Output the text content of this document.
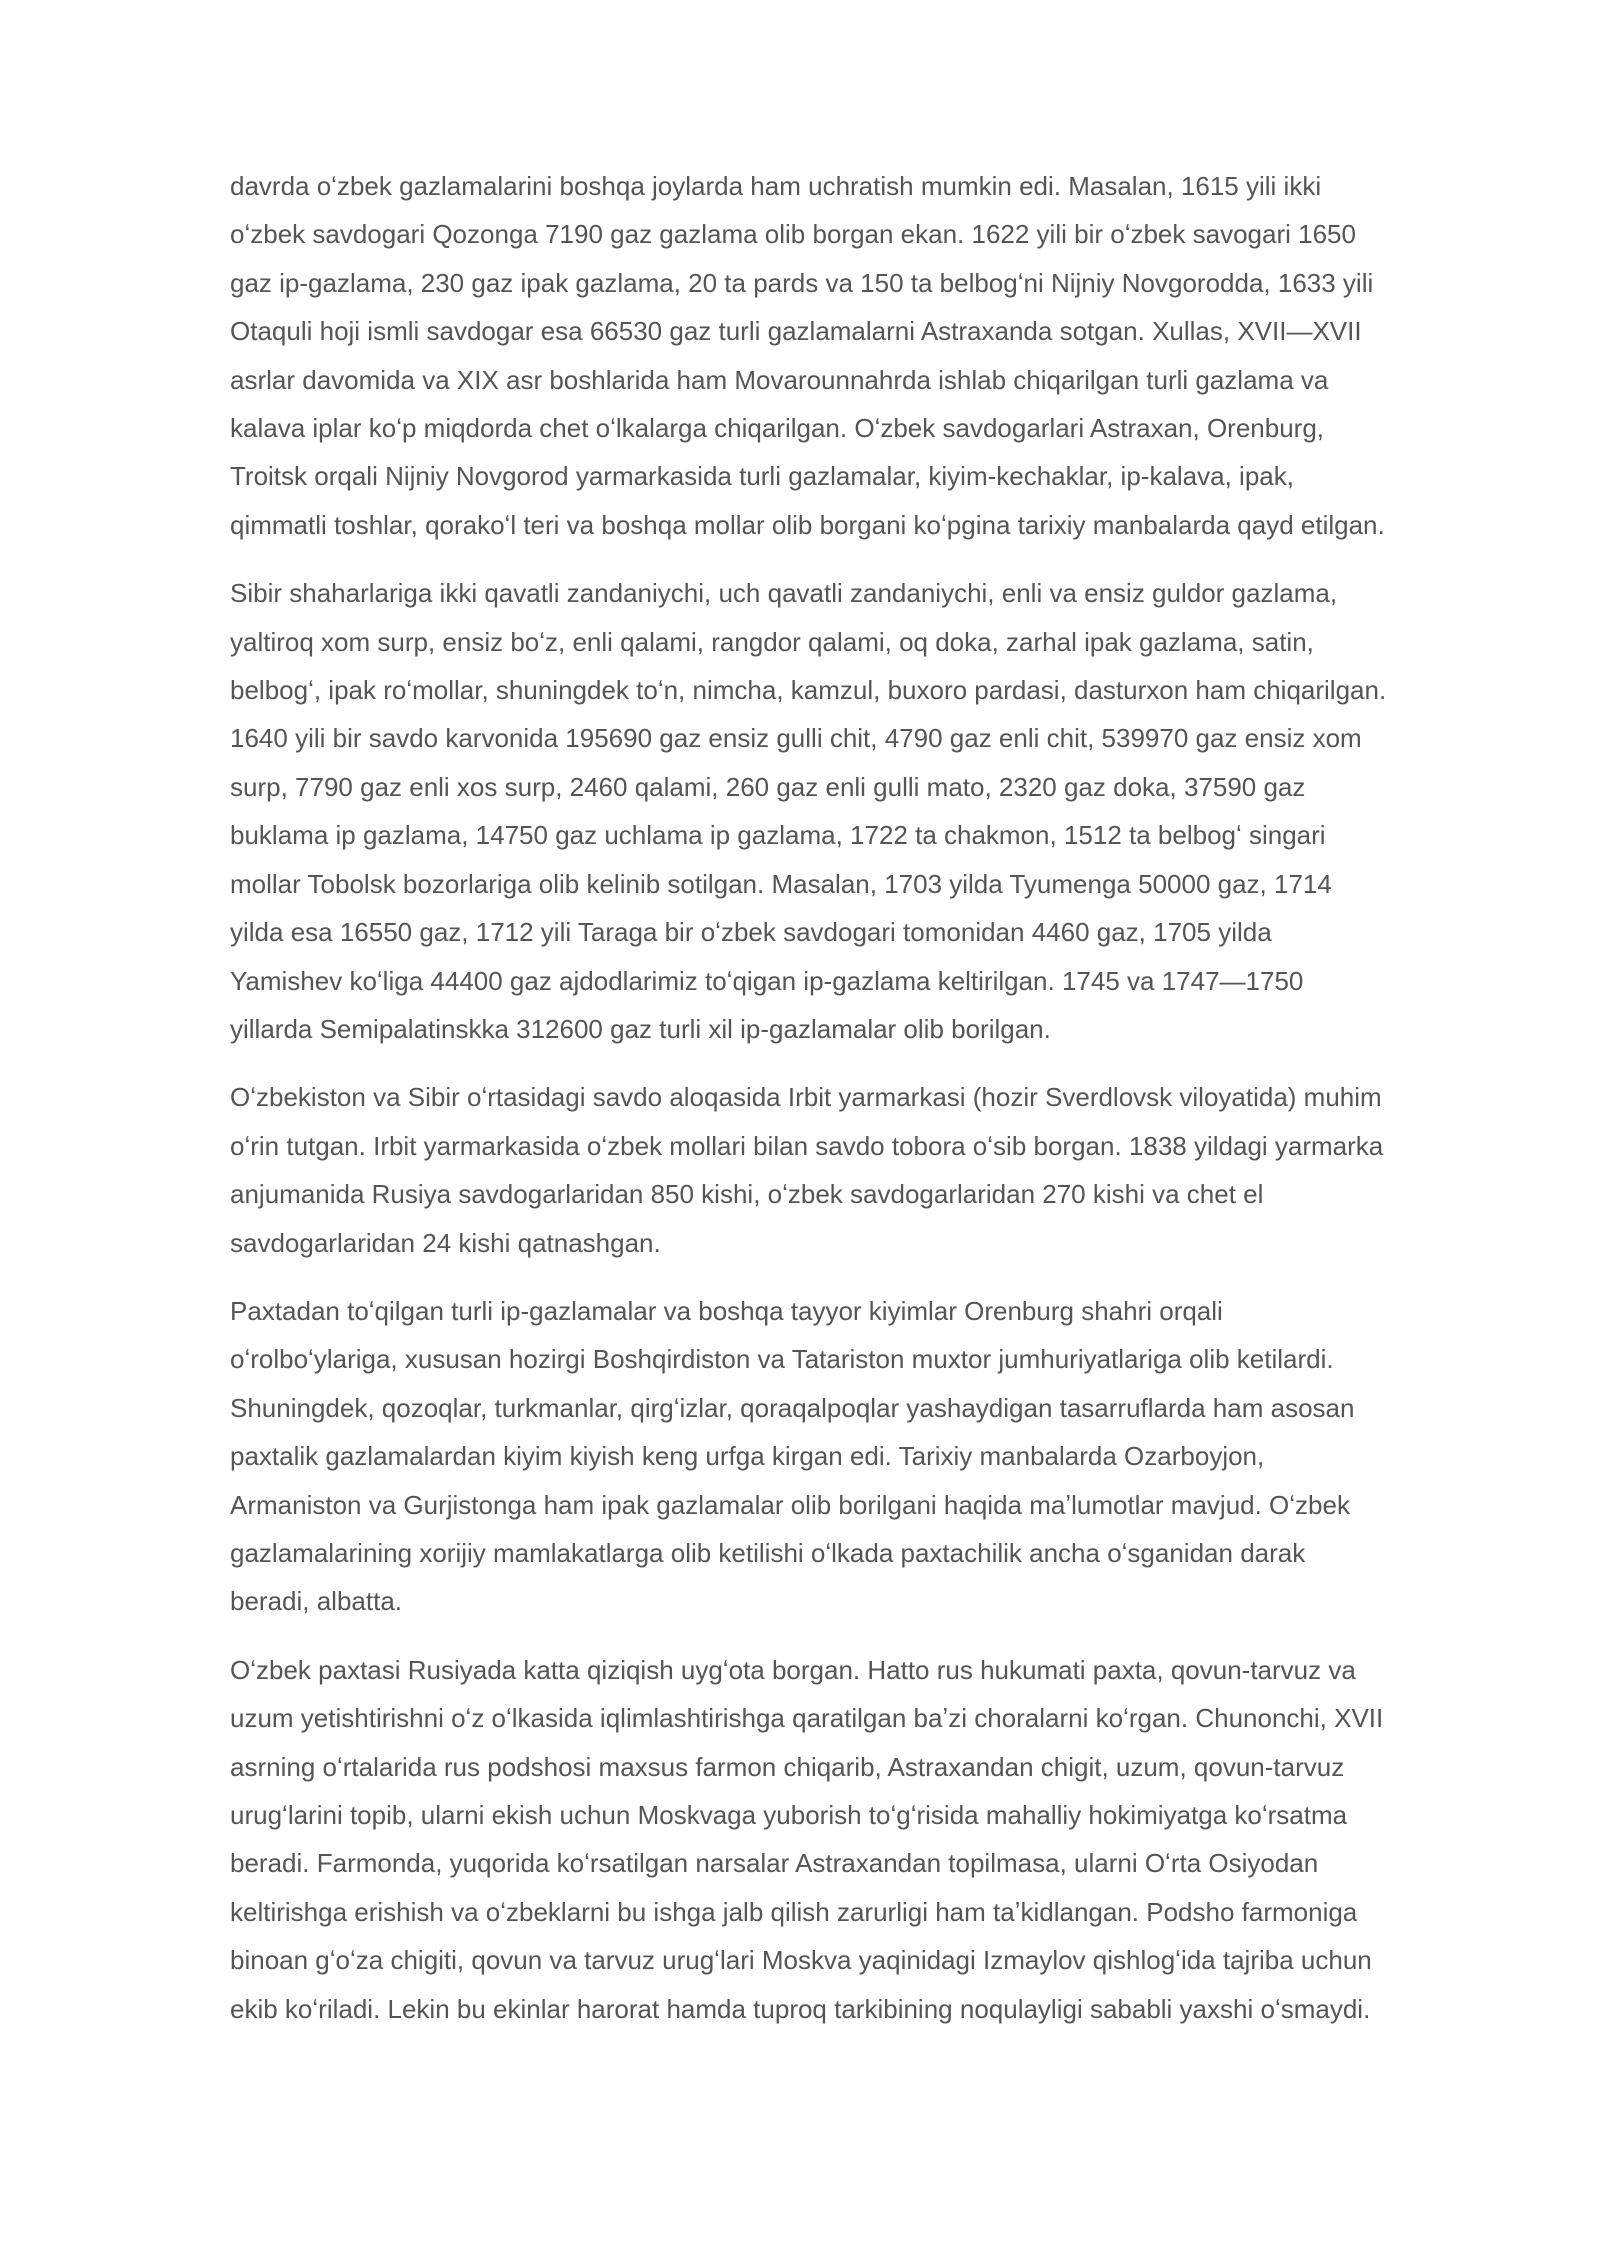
davrda oʻzbek gazlamalarini boshqa joylarda ham uchratish mumkin edi. Masalan, 1615 yili ikki
oʻzbek savdogari Qozonga 7190 gaz gazlama olib borgan ekan. 1622 yili bir oʻzbek savogari 1650
gaz ip-gazlama, 230 gaz ipak gazlama, 20 ta pards va 150 ta belbogʻni Nijniy Novgorodda, 1633 yili
Otaquli hoji ismli savdogar esa 66530 gaz turli gazlamalarni Astraxanda sotgan. Xullas, XVII—XVII
asrlar davomida va XIX asr boshlarida ham Movarounnahrda ishlab chiqarilgan turli gazlama va
kalava iplar koʻp miqdorda chet oʻlkalarga chiqarilgan. Oʻzbek savdogarlari Astraxan, Orenburg,
Troitsk orqali Nijniy Novgorod yarmarkasida turli gazlamalar, kiyim-kechaklar, ip-kalava, ipak,
qimmatli toshlar, qorakoʻl teri va boshqa mollar olib borgani koʻpgina tarixiy manbalarda qayd etilgan.

Sibir shaharlariga ikki qavatli zandaniychi, uch qavatli zandaniychi, enli va ensiz guldor gazlama,
yaltiroq xom surp, ensiz boʻz, enli qalami, rangdor qalami, oq doka, zarhal ipak gazlama, satin,
belbogʻ, ipak roʻmollar, shuningdek toʻn, nimcha, kamzul, buxoro pardasi, dasturxon ham chiqarilgan.
1640 yili bir savdo karvonida 195690 gaz ensiz gulli chit, 4790 gaz enli chit, 539970 gaz ensiz xom
surp, 7790 gaz enli xos surp, 2460 qalami, 260 gaz enli gulli mato, 2320 gaz doka, 37590 gaz
buklama ip gazlama, 14750 gaz uchlama ip gazlama, 1722 ta chakmon, 1512 ta belbogʻ singari
mollar Tobolsk bozorlariga olib kelinib sotilgan. Masalan, 1703 yilda Tyumenga 50000 gaz, 1714
yilda esa 16550 gaz, 1712 yili Taraga bir oʻzbek savdogari tomonidan 4460 gaz, 1705 yilda
Yamishev koʻliga 44400 gaz ajdodlarimiz toʻqigan ip-gazlama keltirilgan. 1745 va 1747—1750
yillarda Semipalatinskka 312600 gaz turli xil ip-gazlamalar olib borilgan.

Oʻzbekiston va Sibir oʻrtasidagi savdo aloqasida Irbit yarmarkasi (hozir Sverdlovsk viloyatida) muhim
oʻrin tutgan. Irbit yarmarkasida oʻzbek mollari bilan savdo tobora oʻsib borgan. 1838 yildagi yarmarka
anjumanida Rusiya savdogarlaridan 850 kishi, oʻzbek savdogarlaridan 270 kishi va chet el
savdogarlaridan 24 kishi qatnashgan.

Paxtadan toʻqilgan turli ip-gazlamalar va boshqa tayyor kiyimlar Orenburg shahri orqali
oʻrolboʻylariga, xususan hozirgi Boshqirdiston va Tatariston muxtor jumhuriyatlariga olib ketilardi.
Shuningdek, qozoqlar, turkmanlar, qirgʻizlar, qoraqalpoqlar yashaydigan tasarruflarda ham asosan
paxtalik gazlamalardan kiyim kiyish keng urfga kirgan edi. Tarixiy manbalarda Ozarboyjon,
Armaniston va Gurjistonga ham ipak gazlamalar olib borilgani haqida maʼlumotlar mavjud. Oʻzbek
gazlamalarining xorijiy mamlakatlarga olib ketilishi oʻlkada paxtachilik ancha oʻsganidan darak
beradi, albatta.

Oʻzbek paxtasi Rusiyada katta qiziqish uygʻota borgan. Hatto rus hukumati paxta, qovun-tarvuz va
uzum yetishtirishni oʻz oʻlkasida iqlimlashtirishga qaratilgan baʼzi choralarni koʻrgan. Chunonchi, XVII
asrning oʻrtalarida rus podshosi maxsus farmon chiqarib, Astraxandan chigit, uzum, qovun-tarvuz
urugʻlarini topib, ularni ekish uchun Moskvaga yuborish toʻgʻrisida mahalliy hokimiyatga koʻrsatma
beradi. Farmonda, yuqorida koʻrsatilgan narsalar Astraxandan topilmasa, ularni Oʻrta Osiyodan
keltirishga erishish va oʻzbeklarni bu ishga jalb qilish zarurligi ham taʼkidlangan. Podsho farmoniga
binoan gʻoʻza chigiti, qovun va tarvuz urugʻlari Moskva yaqinidagi Izmaylov qishlogʻida tajriba uchun
ekib koʻriladi. Lekin bu ekinlar harorat hamda tuproq tarkibining noqulayligi sababli yaxshi oʻsmaydi.
